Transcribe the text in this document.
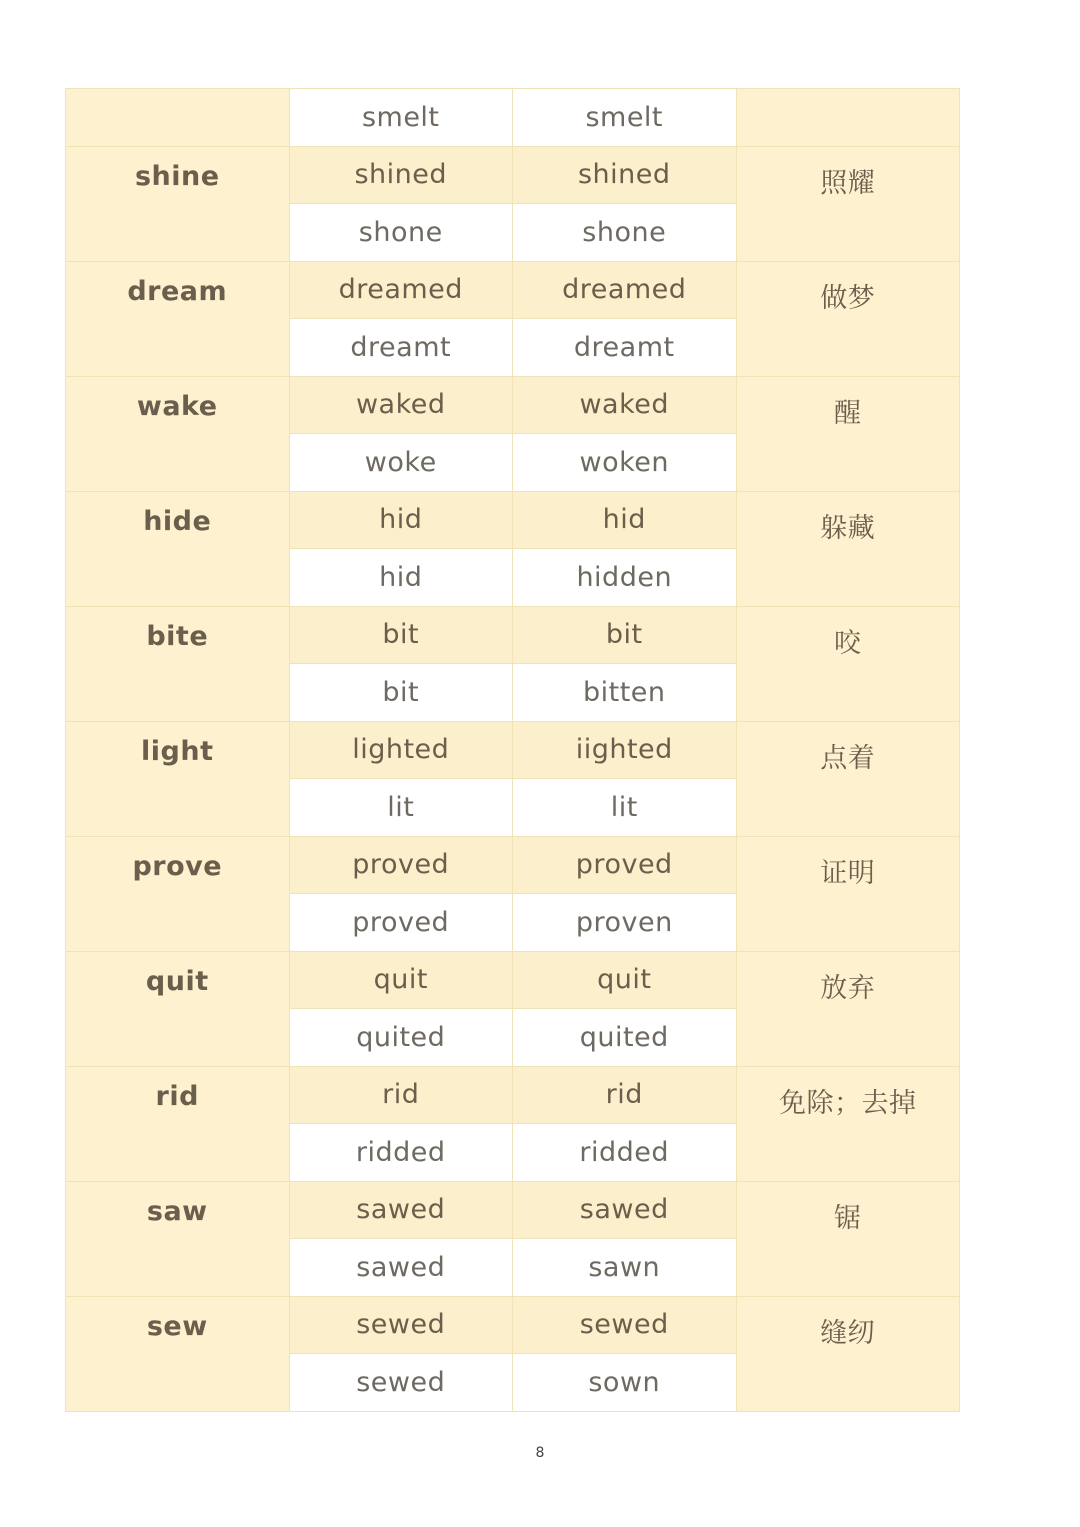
	smelt	smelt	
shine	shined	shined	照耀
	shone	shone	
dream	dreamed	dreamed	做梦
	dreamt	dreamt	
wake	waked	waked	醒
	woke	woken	
hide	hid	hid	躲藏
	hid	hidden	
bite	bit	bit	咬
	bit	bitten	
light	lighted	iighted	点着
	lit	lit	
prove	proved	proved	证明
	proved	proven	
quit	quit	quit	放弃
	quited	quited	
rid	rid	rid	免除；去掉
	ridded	ridded	
saw	sawed	sawed	锯
	sawed	sawn	
sew	sewed	sewed	缝纫
	sewed	sown	
8
